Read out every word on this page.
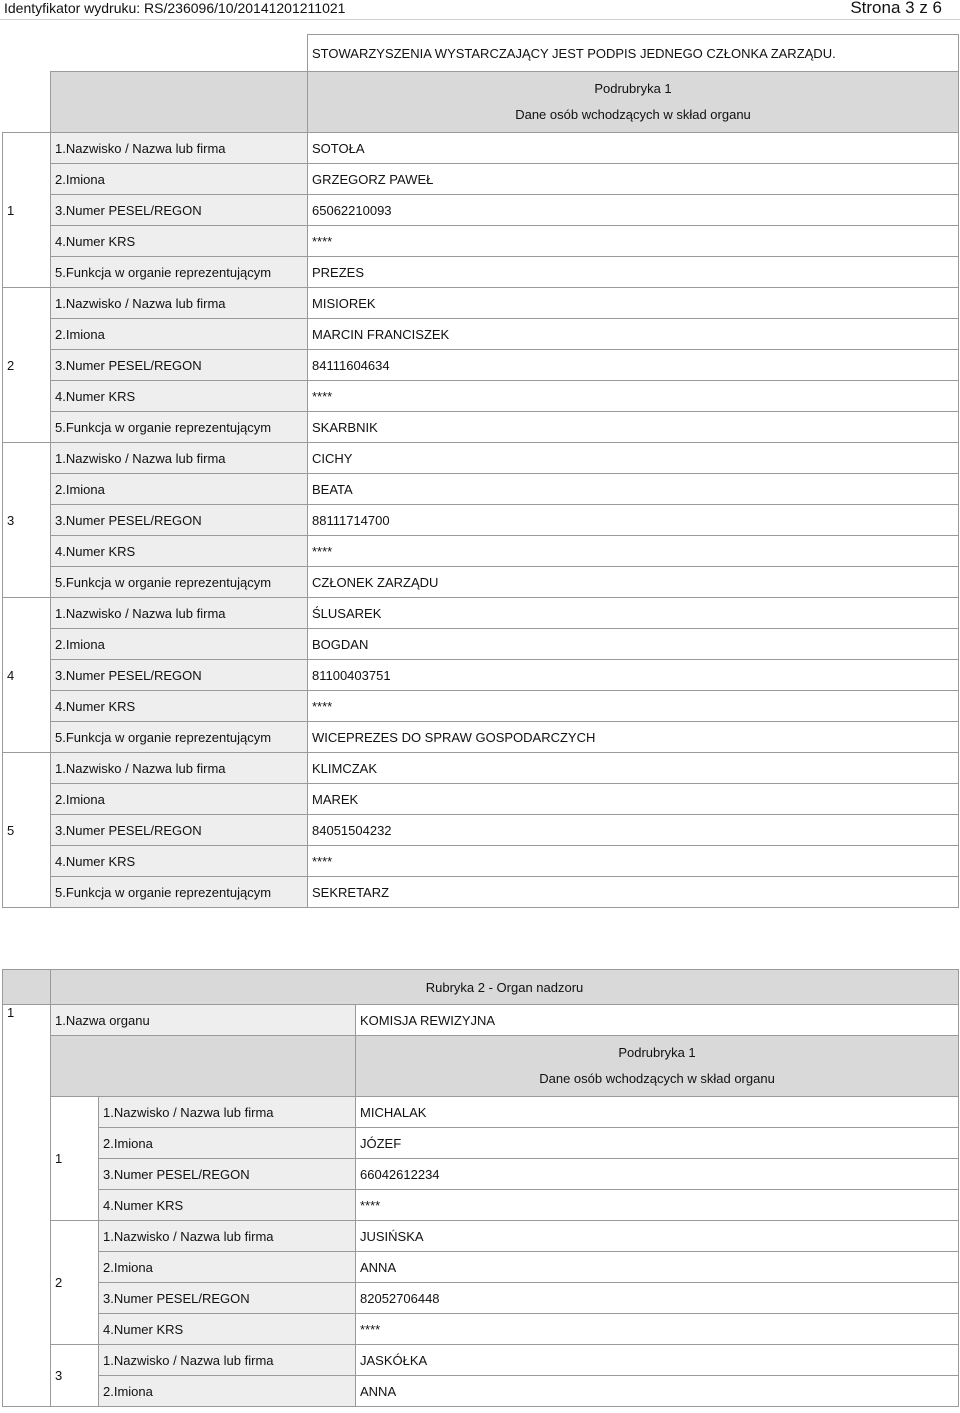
Identyfikator wydruku: RS/236096/10/20141201211021	Strona 3 z 6
		STOWARZYSZENIA WYSTARCZAJĄCY JEST PODPIS JEDNEGO CZŁONKA ZARZĄDU.

		Podrubryka 1
Dane osób wchodzących w skład organu

1	1.Nazwisko / Nazwa lub firma	SOTOŁA
	2.Imiona	GRZEGORZ PAWEŁ
	3.Numer PESEL/REGON	65062210093
	4.Numer KRS	****
	5.Funkcja w organie reprezentującym	PREZES
2	1.Nazwisko / Nazwa lub firma	MISIOREK
	2.Imiona	MARCIN FRANCISZEK
	3.Numer PESEL/REGON	84111604634
	4.Numer KRS	****
	5.Funkcja w organie reprezentującym	SKARBNIK
3	1.Nazwisko / Nazwa lub firma	CICHY
	2.Imiona	BEATA
	3.Numer PESEL/REGON	88111714700
	4.Numer KRS	****
	5.Funkcja w organie reprezentującym	CZŁONEK ZARZĄDU
4	1.Nazwisko / Nazwa lub firma	ŚLUSAREK
	2.Imiona	BOGDAN
	3.Numer PESEL/REGON	81100403751
	4.Numer KRS	****
	5.Funkcja w organie reprezentującym	WICEPREZES DO SPRAW GOSPODARCZYCH
5	1.Nazwisko / Nazwa lub firma	KLIMCZAK
	2.Imiona	MAREK
	3.Numer PESEL/REGON	84051504232
	4.Numer KRS	****
	5.Funkcja w organie reprezentującym	SEKRETARZ
	Rubryka 2 - Organ nadzoru		
1	1.Nazwa organu		KOMISJA REWIZYJNA

			Podrubryka 1
Dane osób wchodzących w skład organu

	1	1.Nazwisko / Nazwa lub firma	MICHALAK
		2.Imiona	JÓZEF
		3.Numer PESEL/REGON	66042612234
		4.Numer KRS	****
	2	1.Nazwisko / Nazwa lub firma	JUSIŃSKA
		2.Imiona	ANNA
		3.Numer PESEL/REGON	82052706448
		4.Numer KRS	****
	3	1.Nazwisko / Nazwa lub firma	JASKÓŁKA
		2.Imiona	ANNA
